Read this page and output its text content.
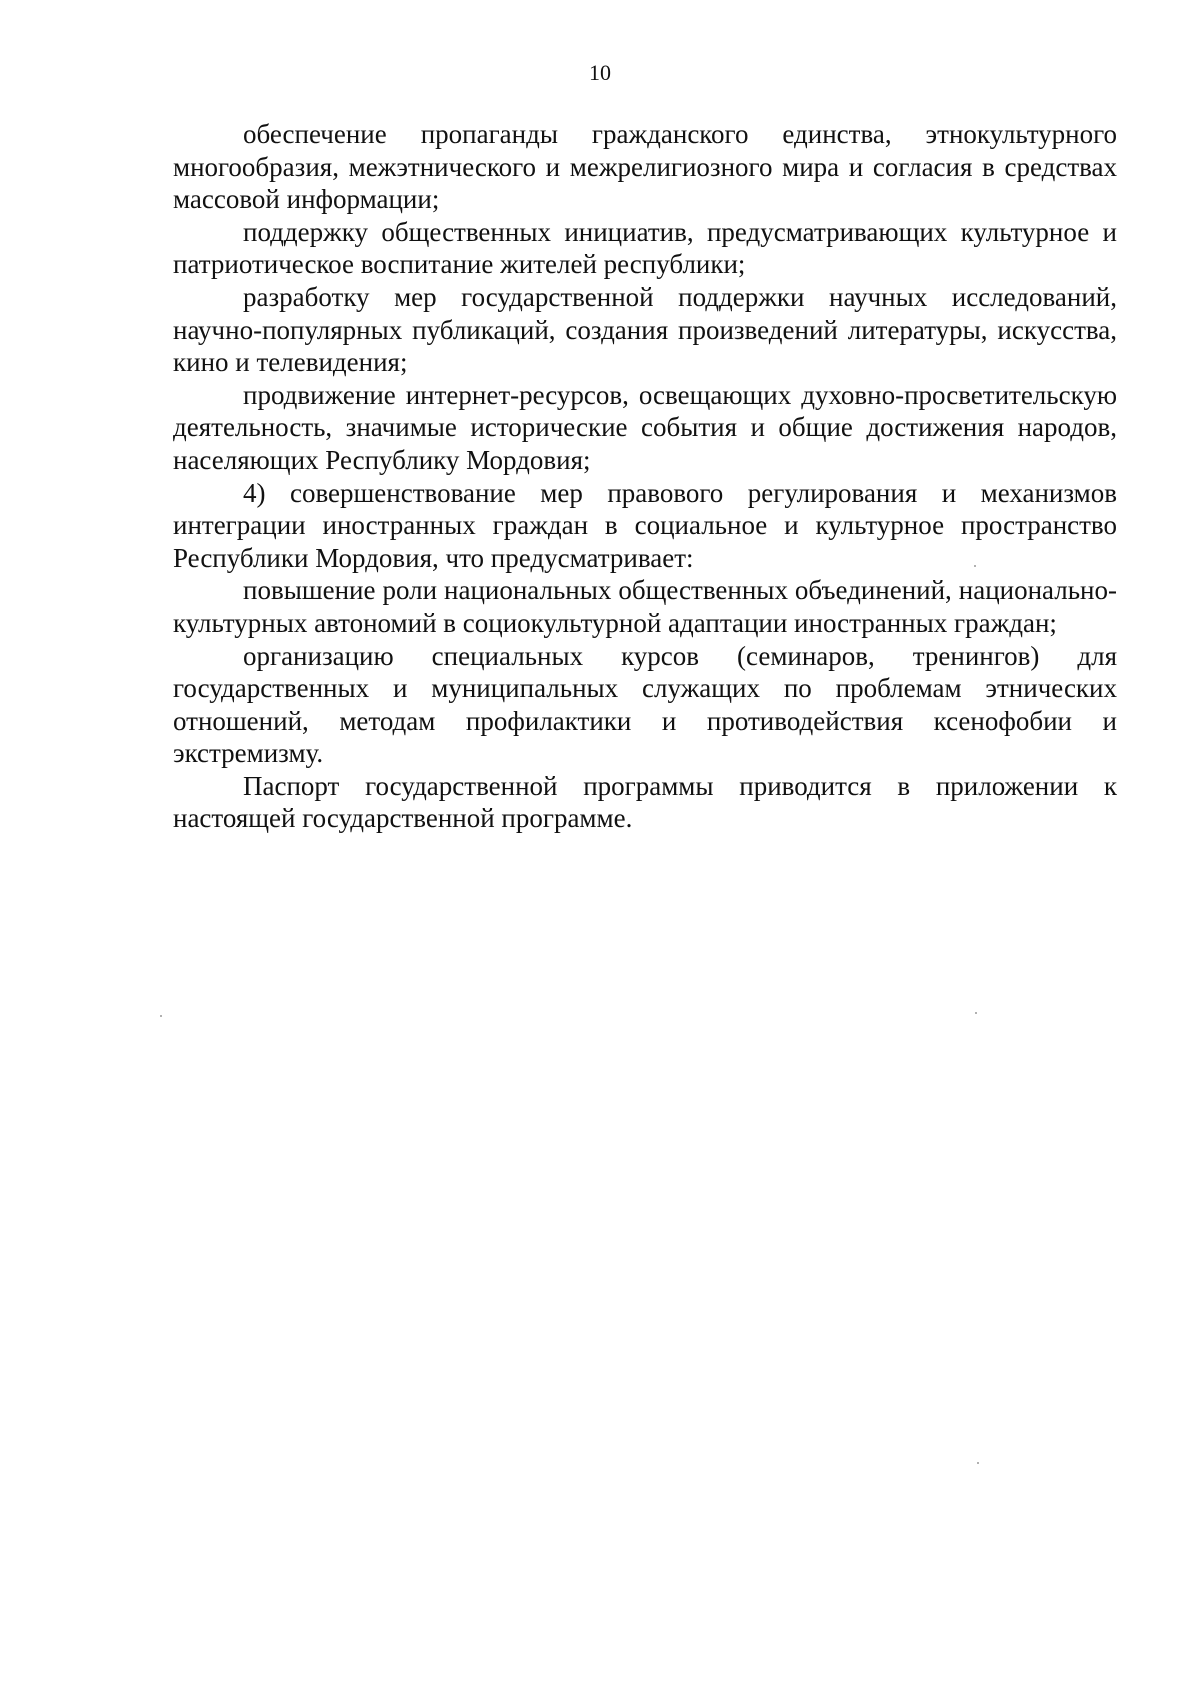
10

обеспечение пропаганды гражданского единства, этнокультурного многообразия, межэтнического и межрелигиозного мира и согласия в средствах массовой информации;

поддержку общественных инициатив, предусматривающих культурное и патриотическое воспитание жителей республики;

разработку мер государственной поддержки научных исследований, научно-популярных публикаций, создания произведений литературы, искусства, кино и телевидения;

продвижение интернет-ресурсов, освещающих духовно-просветительскую деятельность, значимые исторические события и общие достижения народов, населяющих Республику Мордовия;

4) совершенствование мер правового регулирования и механизмов интеграции иностранных граждан в социальное и культурное пространство Республики Мордовия, что предусматривает:

повышение роли национальных общественных объединений, национально-культурных автономий в социокультурной адаптации иностранных граждан;

организацию специальных курсов (семинаров, тренингов) для государственных и муниципальных служащих по проблемам этнических отношений, методам профилактики и противодействия ксенофобии и экстремизму.

Паспорт государственной программы приводится в приложении к настоящей государственной программе.
